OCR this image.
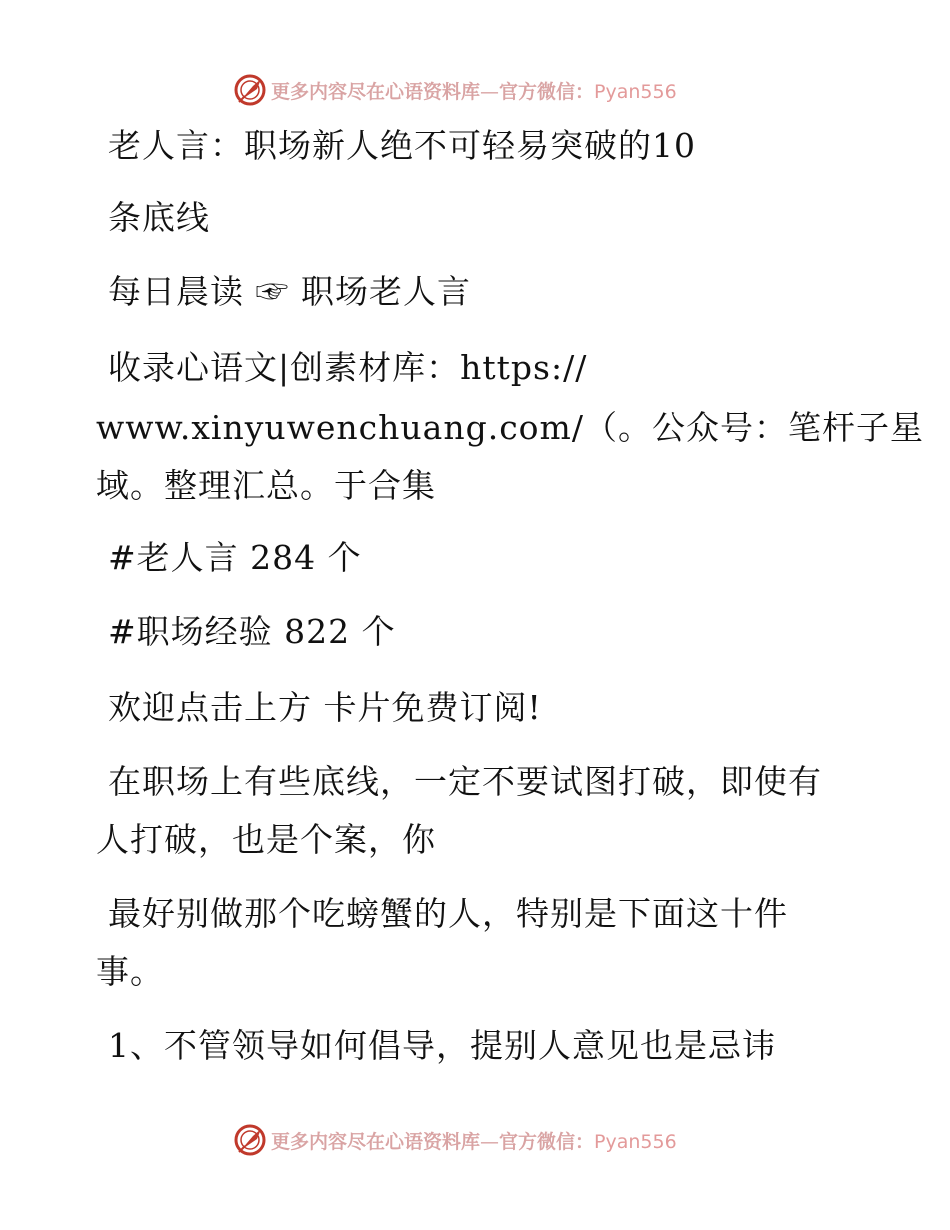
更多内容尽在心语资料库—官方微信：Pyan556
老人言：职场新人绝不可轻易突破的10
条底线
每日晨读 ☞ 职场老人言
收录心语文|创素材库：https://
www.xinyuwenchuang.com/（。公众号：笔杆子星
域。整理汇总。于合集
#老人言 284 个
#职场经验 822 个
欢迎点击上方 卡片免费订阅!
在职场上有些底线，一定不要试图打破，即使有
人打破，也是个案，你
最好别做那个吃螃蟹的人，特别是下面这十件
事。
1、不管领导如何倡导，提别人意见也是忌讳
更多内容尽在心语资料库—官方微信：Pyan556
